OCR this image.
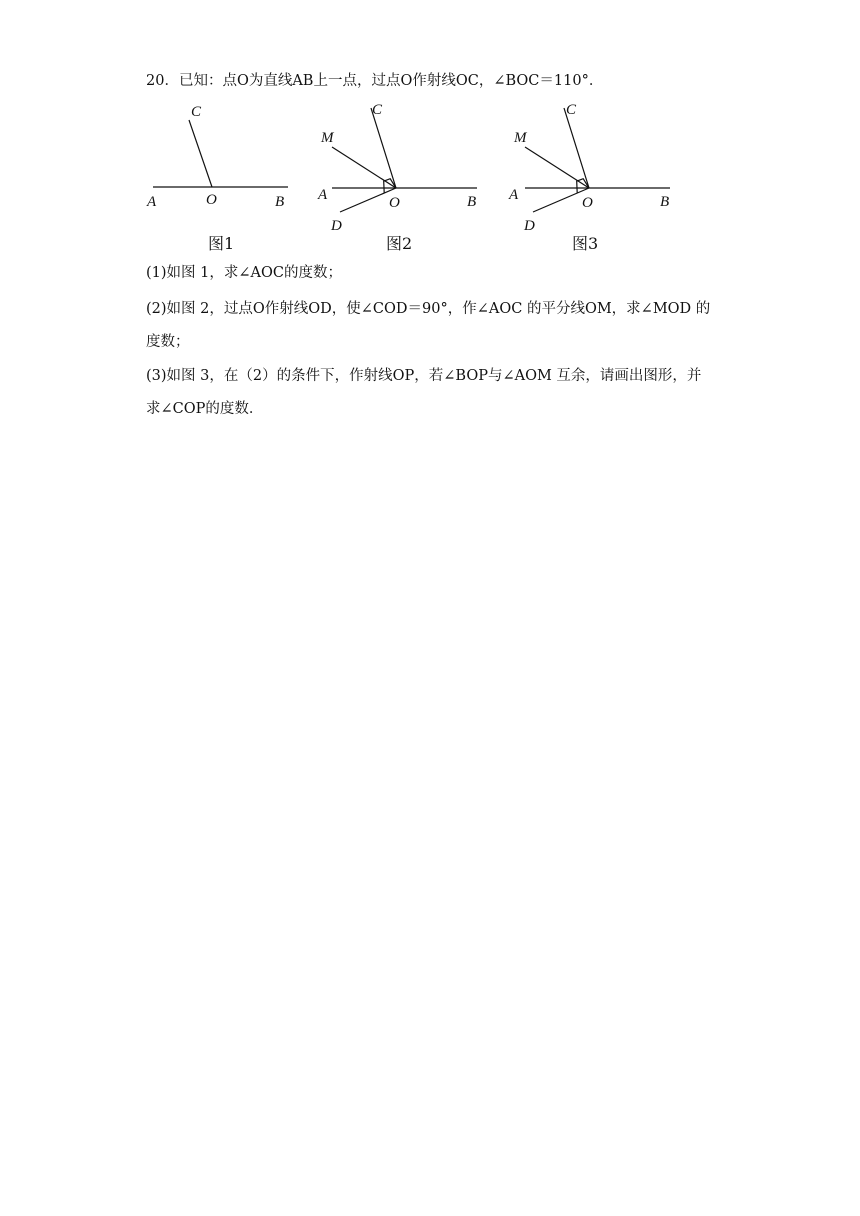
20．已知：点O为直线AB上一点，过点O作射线OC，∠BOC＝110°．
A	O	B
C
图1
A	O	B
C
M
D
图2
A	O	B
C
M
D
图3
(1)如图 1，求∠AOC的度数；
(2)如图 2，过点O作射线OD，使∠COD＝90°，作∠AOC 的平分线OM，求∠MOD 的
度数；
(3)如图 3，在（2）的条件下，作射线OP，若∠BOP与∠AOM 互余，请画出图形，并
求∠COP的度数．
